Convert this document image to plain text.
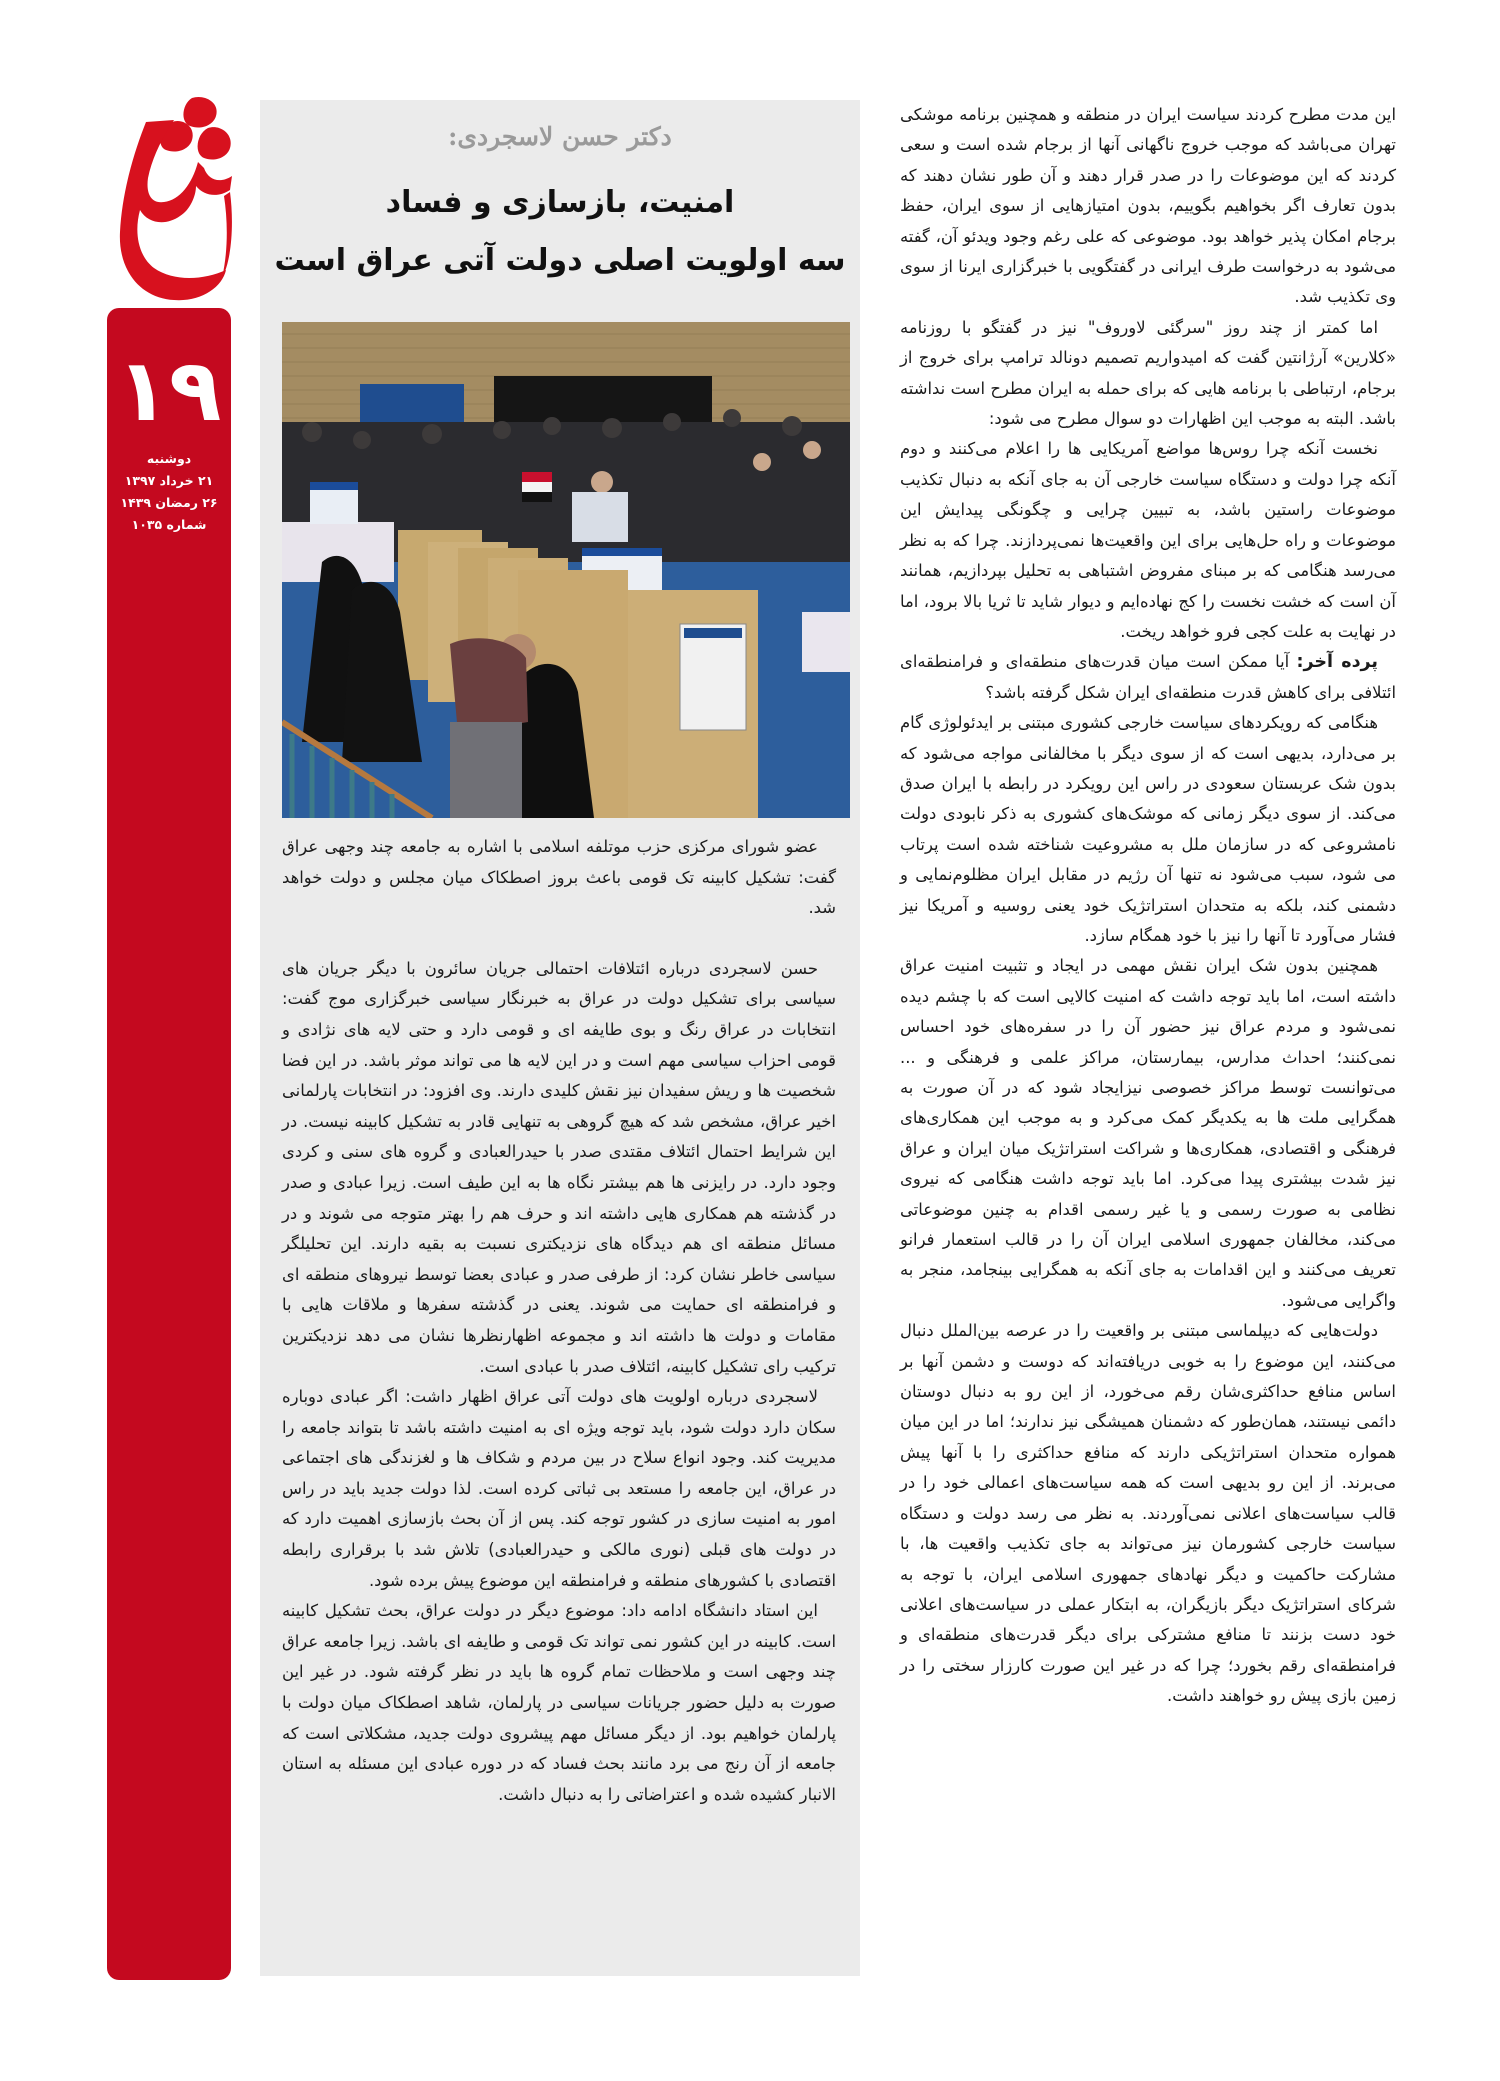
۱۹
دوشنبه
۲۱ خرداد ۱۳۹۷
۲۶ رمضان ۱۴۳۹
شماره ۱۰۳۵
دکتر حسن لاسجردی:
امنیت، بازسازی و فساد
سه اولویت اصلی دولت آتی عراق است

عضو شورای مرکزی حزب موتلفه اسلامی با اشاره به جامعه چند وجهی عراق گفت: تشکیل کابینه تک قومی باعث بروز اصطکاک میان مجلس و دولت خواهد شد.

حسن لاسجردی درباره ائتلافات احتمالی جریان سائرون با دیگر جریان های سیاسی برای تشکیل دولت در عراق به خبرنگار سیاسی خبرگزاری موج گفت: انتخابات در عراق رنگ و بوی طایفه ای و قومی دارد و حتی لایه های نژادی و قومی احزاب سیاسی مهم است و در این لایه ها می تواند موثر باشد. در این فضا شخصیت ها و ریش سفیدان نیز نقش کلیدی دارند. وی افزود: در انتخابات پارلمانی اخیر عراق، مشخص شد که هیچ گروهی به تنهایی قادر به تشکیل کابینه نیست. در این شرایط احتمال ائتلاف مقتدی صدر با حیدرالعبادی و گروه های سنی و کردی وجود دارد. در رایزنی ها هم بیشتر نگاه ها به این طیف است. زیرا عبادی و صدر در گذشته هم همکاری هایی داشته اند و حرف هم را بهتر متوجه می شوند و در مسائل منطقه ای هم دیدگاه های نزدیکتری نسبت به بقیه دارند. این تحلیلگر سیاسی خاطر نشان کرد: از طرفی صدر و عبادی بعضا توسط نیروهای منطقه ای و فرامنطقه ای حمایت می شوند. یعنی در گذشته سفرها و ملاقات هایی با مقامات و دولت ها داشته اند و مجموعه اظهارنظرها نشان می دهد نزدیکترین ترکیب رای تشکیل کابینه، ائتلاف صدر با عبادی است.

لاسجردی درباره اولویت های دولت آتی عراق اظهار داشت: اگر عبادی دوباره سکان دارد دولت شود، باید توجه ویژه ای به امنیت داشته باشد تا بتواند جامعه را مدیریت کند. وجود انواع سلاح در بین مردم و شکاف ها و لغزندگی های اجتماعی در عراق، این جامعه را مستعد بی ثباتی کرده است. لذا دولت جدید باید در راس امور به امنیت سازی در کشور توجه کند. پس از آن بحث بازسازی اهمیت دارد که در دولت های قبلی (نوری مالکی و حیدرالعبادی) تلاش شد با برقراری رابطه اقتصادی با کشورهای منطقه و فرامنطقه این موضوع پیش برده شود.

این استاد دانشگاه ادامه داد: موضوع دیگر در دولت عراق، بحث تشکیل کابینه است. کابینه در این کشور نمی تواند تک قومی و طایفه ای باشد. زیرا جامعه عراق چند وجهی است و ملاحظات تمام گروه ها باید در نظر گرفته شود. در غیر این صورت به دلیل حضور جریانات سیاسی در پارلمان، شاهد اصطکاک میان دولت با پارلمان خواهیم بود. از دیگر مسائل مهم پیشروی دولت جدید، مشکلاتی است که جامعه از آن رنج می برد مانند بحث فساد که در دوره عبادی این مسئله به استان الانبار کشیده شده و اعتراضاتی را به دنبال داشت.

این مدت مطرح کردند سیاست ایران در منطقه و همچنین برنامه موشکی تهران می‌باشد که موجب خروج ناگهانی آنها از برجام شده است و سعی کردند که این موضوعات را در صدر قرار دهند و آن طور نشان دهند که بدون تعارف اگر بخواهیم بگوییم، بدون امتیازهایی از سوی ایران، حفظ برجام امکان پذیر خواهد بود. موضوعی که علی رغم وجود ویدئو آن، گفته می‌شود به درخواست طرف ایرانی در گفتگویی با خبرگزاری ایرنا از سوی وی تکذیب شد.

اما کمتر از چند روز "سرگئی لاوروف" نیز در گفتگو با روزنامه «کلارین» آرژانتین گفت که امیدواریم تصمیم دونالد ترامپ برای خروج از برجام، ارتباطی با برنامه هایی که برای حمله به ایران مطرح است نداشته باشد. البته به موجب این اظهارات دو سوال مطرح می شود:

نخست آنکه چرا روس‌ها مواضع آمریکایی ها را اعلام می‌کنند و دوم آنکه چرا دولت و دستگاه سیاست خارجی آن به جای آنکه به دنبال تکذیب موضوعات راستین باشد، به تبیین چرایی و چگونگی پیدایش این موضوعات و راه حل‌هایی برای این واقعیت‌ها نمی‌پردازند. چرا که به نظر می‌رسد هنگامی که بر مبنای مفروض اشتباهی به تحلیل بپردازیم، همانند آن است که خشت نخست را کج نهاده‌ایم و دیوار شاید تا ثریا بالا برود، اما در نهایت به علت کجی فرو خواهد ریخت.

پرده آخر: آیا ممکن است میان قدرت‌های منطقه‌ای و فرامنطقه‌ای ائتلافی برای کاهش قدرت منطقه‌ای ایران شکل گرفته باشد؟

هنگامی که رویکردهای سیاست خارجی کشوری مبتنی بر ایدئولوژی گام بر می‌دارد، بدیهی است که از سوی دیگر با مخالفانی مواجه می‌شود که بدون شک عربستان سعودی در راس این رویکرد در رابطه با ایران صدق می‌کند. از سوی دیگر زمانی که موشک‌های کشوری به ذکر نابودی دولت نامشروعی که در سازمان ملل به مشروعیت شناخته شده است پرتاب می شود، سبب می‌شود نه تنها آن رژیم در مقابل ایران مظلوم‌نمایی و دشمنی کند، بلکه به متحدان استراتژیک خود یعنی روسیه و آمریکا نیز فشار می‌آورد تا آنها را نیز با خود همگام سازد.

همچنین بدون شک ایران نقش مهمی در ایجاد و تثبیت امنیت عراق داشته است، اما باید توجه داشت که امنیت کالایی است که با چشم دیده نمی‌شود و مردم عراق نیز حضور آن را در سفره‌های خود احساس نمی‌کنند؛ احداث مدارس، بیمارستان، مراکز علمی و فرهنگی و ... می‌توانست توسط مراکز خصوصی نیزایجاد شود که در آن صورت به همگرایی ملت ها به یکدیگر کمک می‌کرد و به موجب این همکاری‌های فرهنگی و اقتصادی، همکاری‌ها و شراکت استراتژیک میان ایران و عراق نیز شدت بیشتری پیدا می‌کرد. اما باید توجه داشت هنگامی که نیروی نظامی به صورت رسمی و یا غیر رسمی اقدام به چنین موضوعاتی می‌کند، مخالفان جمهوری اسلامی ایران آن را در قالب استعمار فرانو تعریف می‌کنند و این اقدامات به جای آنکه به همگرایی بینجامد، منجر به واگرایی می‌شود.

دولت‌هایی که دیپلماسی مبتنی بر واقعیت را در عرصه بین‌الملل دنبال می‌کنند، این موضوع را به خوبی دریافته‌اند که دوست و دشمن آنها بر اساس منافع حداکثری‌شان رقم می‌خورد، از این رو به دنبال دوستان دائمی نیستند، همان‌طور که دشمنان همیشگی نیز ندارند؛ اما در این میان همواره متحدان استراتژیکی دارند که منافع حداکثری را با آنها پیش می‌برند. از این رو بدیهی است که همه سیاست‌های اعمالی خود را در قالب سیاست‌های اعلانی نمی‌آوردند. به نظر می رسد دولت و دستگاه سیاست خارجی کشورمان نیز می‌تواند به جای تکذیب واقعیت ها، با مشارکت حاکمیت و دیگر نهادهای جمهوری اسلامی ایران، با توجه به شرکای استراتژیک دیگر بازیگران، به ابتکار عملی در سیاست‌های اعلانی خود دست بزنند تا منافع مشترکی برای دیگر قدرت‌های منطقه‌ای و فرامنطقه‌ای رقم بخورد؛ چرا که در غیر این صورت کارزار سختی را در زمین بازی پیش رو خواهند داشت.
